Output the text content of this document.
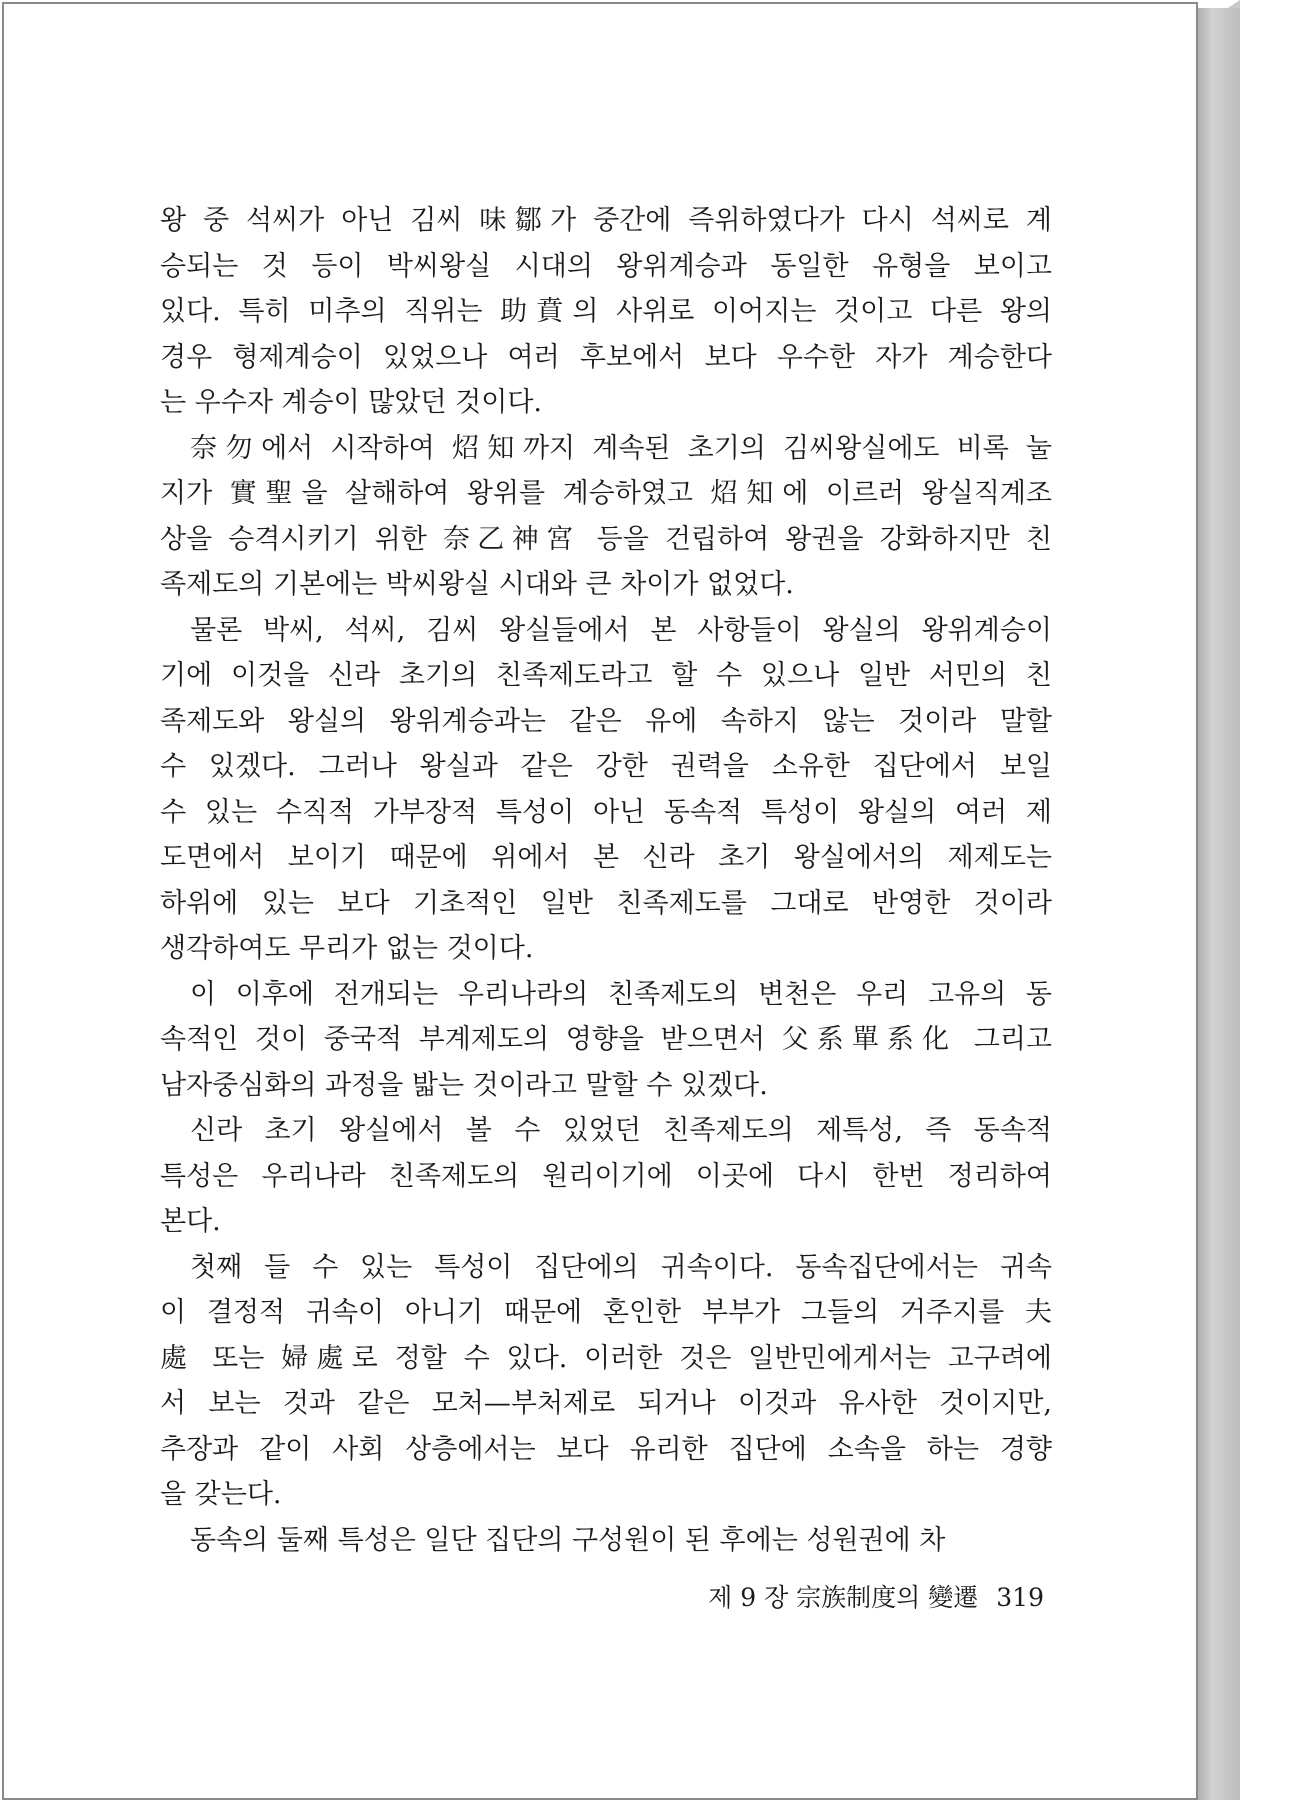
왕 중 석씨가 아닌 김씨 味鄒가 중간에 즉위하였다가 다시 석씨로 계
승되는 것 등이 박씨왕실 시대의 왕위계승과 동일한 유형을 보이고
있다. 특히 미추의 직위는 助賁의 사위로 이어지는 것이고 다른 왕의
경우 형제계승이 있었으나 여러 후보에서 보다 우수한 자가 계승한다
는 우수자 계승이 많았던 것이다.
奈勿에서 시작하여 炤知까지 계속된 초기의 김씨왕실에도 비록 눌
지가 實聖을 살해하여 왕위를 계승하였고 炤知에 이르러 왕실직계조
상을 승격시키기 위한 奈乙神宮 등을 건립하여 왕권을 강화하지만 친
족제도의 기본에는 박씨왕실 시대와 큰 차이가 없었다.
물론 박씨, 석씨, 김씨 왕실들에서 본 사항들이 왕실의 왕위계승이
기에 이것을 신라 초기의 친족제도라고 할 수 있으나 일반 서민의 친
족제도와 왕실의 왕위계승과는 같은 유에 속하지 않는 것이라 말할
수 있겠다. 그러나 왕실과 같은 강한 권력을 소유한 집단에서 보일
수 있는 수직적 가부장적 특성이 아닌 동속적 특성이 왕실의 여러 제
도면에서 보이기 때문에 위에서 본 신라 초기 왕실에서의 제제도는
하위에 있는 보다 기초적인 일반 친족제도를 그대로 반영한 것이라
생각하여도 무리가 없는 것이다.
이 이후에 전개되는 우리나라의 친족제도의 변천은 우리 고유의 동
속적인 것이 중국적 부계제도의 영향을 받으면서 父系單系化 그리고
남자중심화의 과정을 밟는 것이라고 말할 수 있겠다.
신라 초기 왕실에서 볼 수 있었던 친족제도의 제특성, 즉 동속적
특성은 우리나라 친족제도의 원리이기에 이곳에 다시 한번 정리하여
본다.
첫째 들 수 있는 특성이 집단에의 귀속이다. 동속집단에서는 귀속
이 결정적 귀속이 아니기 때문에 혼인한 부부가 그들의 거주지를 夫
處 또는 婦處로 정할 수 있다. 이러한 것은 일반민에게서는 고구려에
서 보는 것과 같은 모처—부처제로 되거나 이것과 유사한 것이지만,
추장과 같이 사회 상층에서는 보다 유리한 집단에 소속을 하는 경향
을 갖는다.
동속의 둘째 특성은 일단 집단의 구성원이 된 후에는 성원권에 차
제 9 장 宗族制度의 變遷 319
